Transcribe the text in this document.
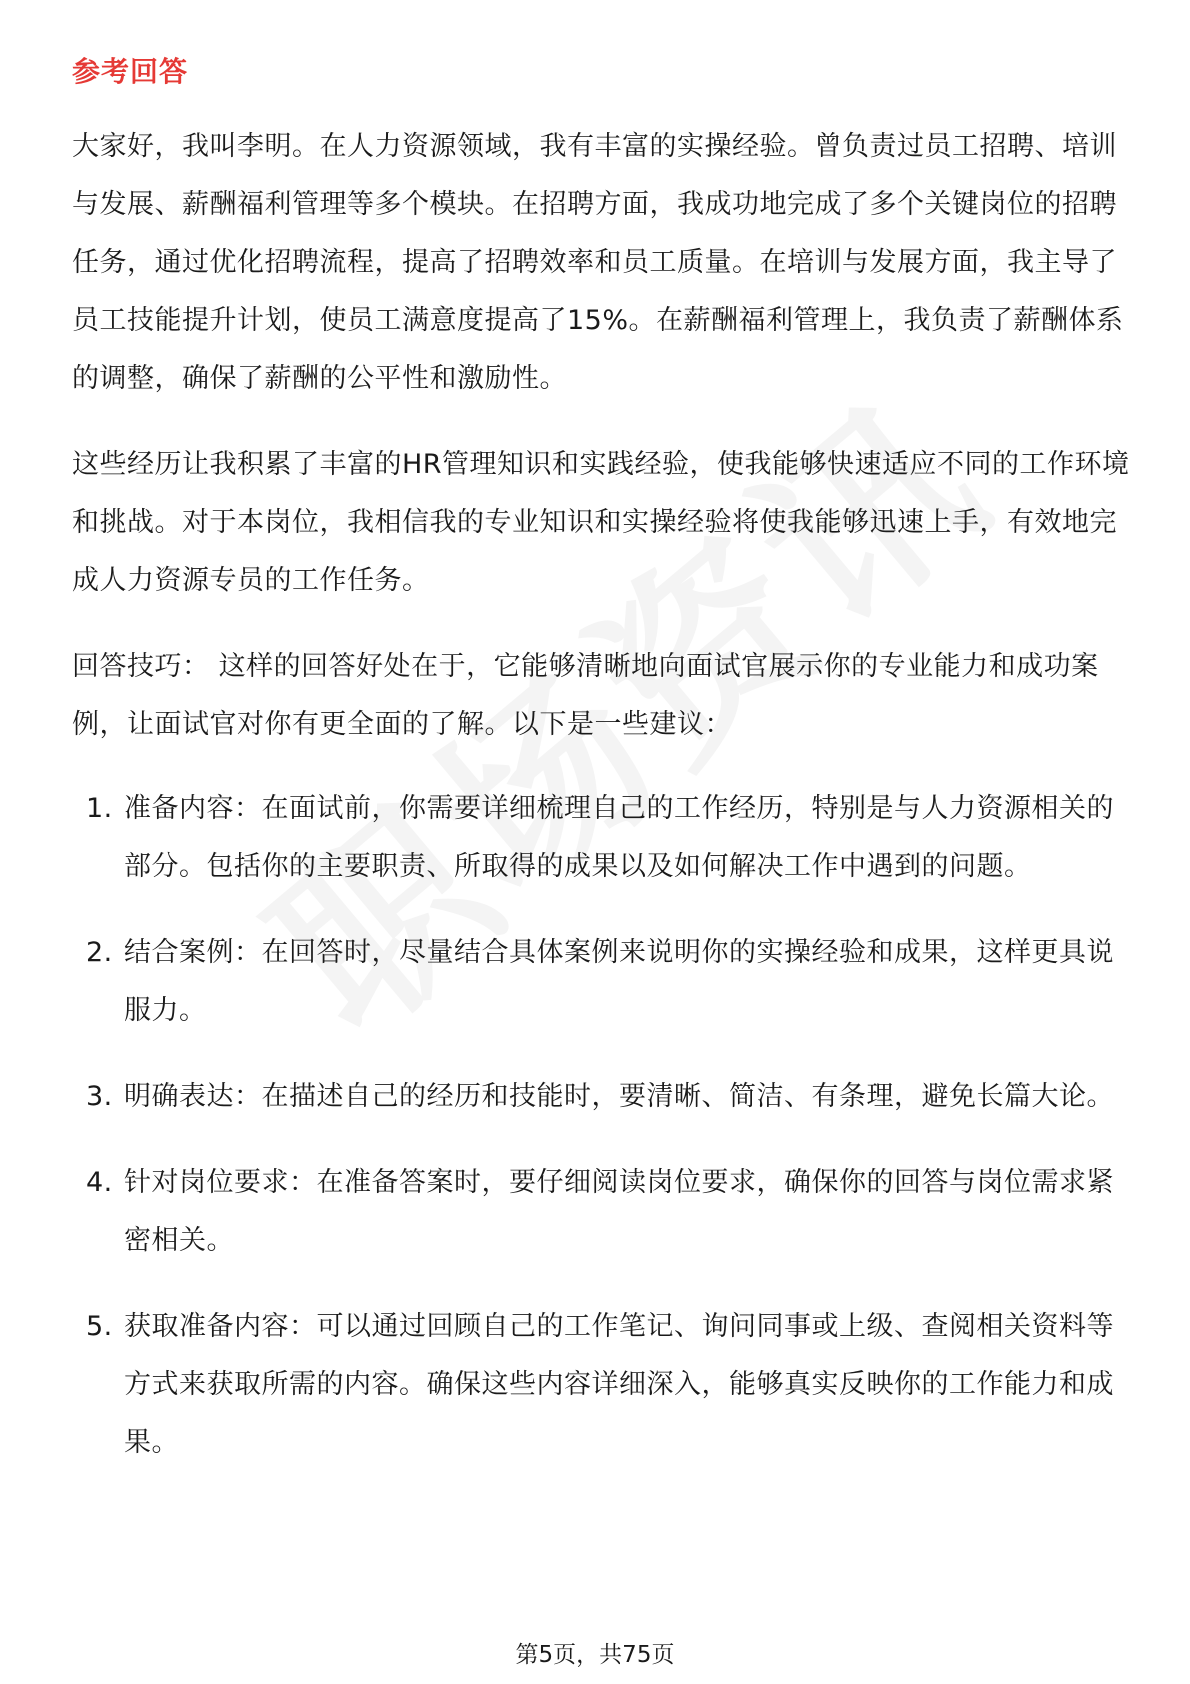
参考回答
大家好，我叫李明。在人力资源领域，我有丰富的实操经验。曾负责过员工招聘、培训与发展、薪酬福利管理等多个模块。在招聘方面，我成功地完成了多个关键岗位的招聘任务，通过优化招聘流程，提高了招聘效率和员工质量。在培训与发展方面，我主导了员工技能提升计划，使员工满意度提高了15%。在薪酬福利管理上，我负责了薪酬体系的调整，确保了薪酬的公平性和激励性。
这些经历让我积累了丰富的HR管理知识和实践经验，使我能够快速适应不同的工作环境和挑战。对于本岗位，我相信我的专业知识和实操经验将使我能够迅速上手，有效地完成人力资源专员的工作任务。
回答技巧： 这样的回答好处在于，它能够清晰地向面试官展示你的专业能力和成功案例，让面试官对你有更全面的了解。以下是一些建议：
1. 准备内容：在面试前，你需要详细梳理自己的工作经历，特别是与人力资源相关的部分。包括你的主要职责、所取得的成果以及如何解决工作中遇到的问题。
2. 结合案例：在回答时，尽量结合具体案例来说明你的实操经验和成果，这样更具说服力。
3. 明确表达：在描述自己的经历和技能时，要清晰、简洁、有条理，避免长篇大论。
4. 针对岗位要求：在准备答案时，要仔细阅读岗位要求，确保你的回答与岗位需求紧密相关。
5. 获取准备内容：可以通过回顾自己的工作笔记、询问同事或上级、查阅相关资料等方式来获取所需的内容。确保这些内容详细深入，能够真实反映你的工作能力和成果。
第5页，共75页
